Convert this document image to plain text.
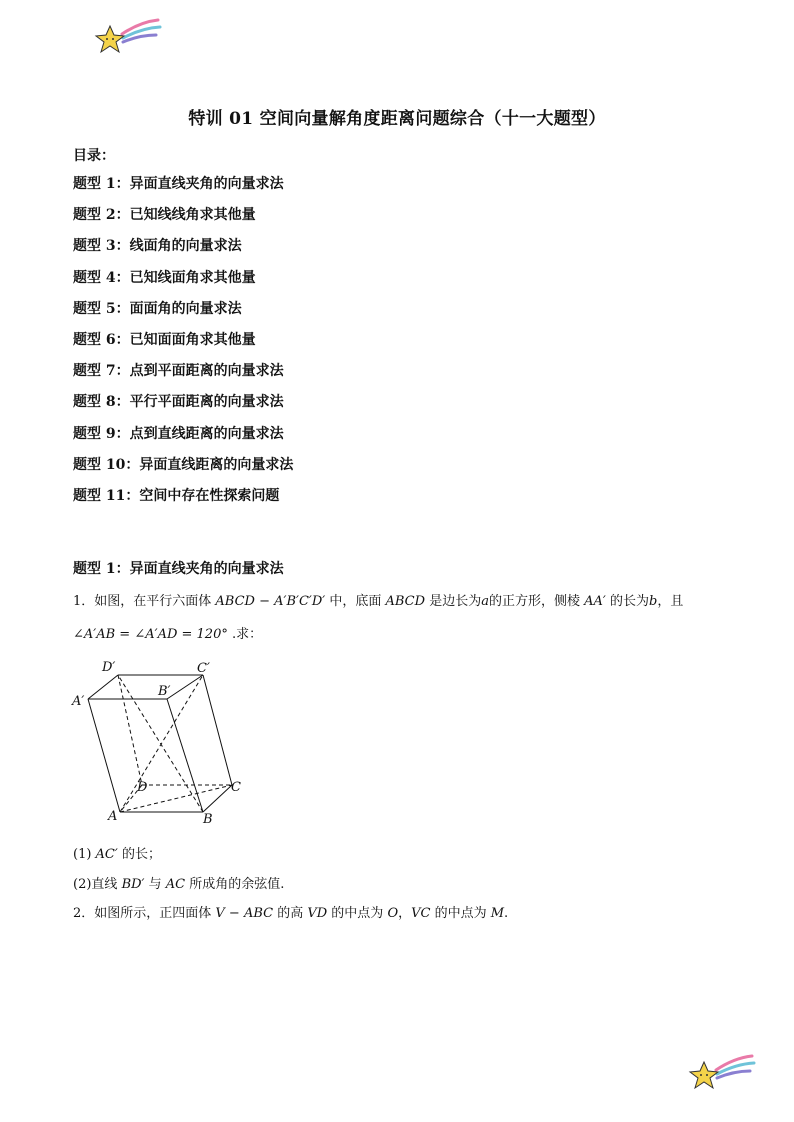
特训 01 空间向量解角度距离问题综合（十一大题型）
目录：
题型 1：异面直线夹角的向量求法
题型 2：已知线线角求其他量
题型 3：线面角的向量求法
题型 4：已知线面角求其他量
题型 5：面面角的向量求法
题型 6：已知面面角求其他量
题型 7：点到平面距离的向量求法
题型 8：平行平面距离的向量求法
题型 9：点到直线距离的向量求法
题型 10：异面直线距离的向量求法
题型 11：空间中存在性探索问题
题型 1：异面直线夹角的向量求法
1．如图，在平行六面体 ABCD − A′B′C′D′ 中，底面 ABCD 是边长为a的正方形，侧棱 AA′ 的长为b，且
∠A′AB = ∠A′AD = 120° .求：
D′	C′
B′
A′
D	C
A	B
(1) AC′ 的长；
(2)直线 BD′ 与 AC 所成角的余弦值.
2．如图所示，正四面体 V − ABC 的高 VD 的中点为 O，VC 的中点为 M.
